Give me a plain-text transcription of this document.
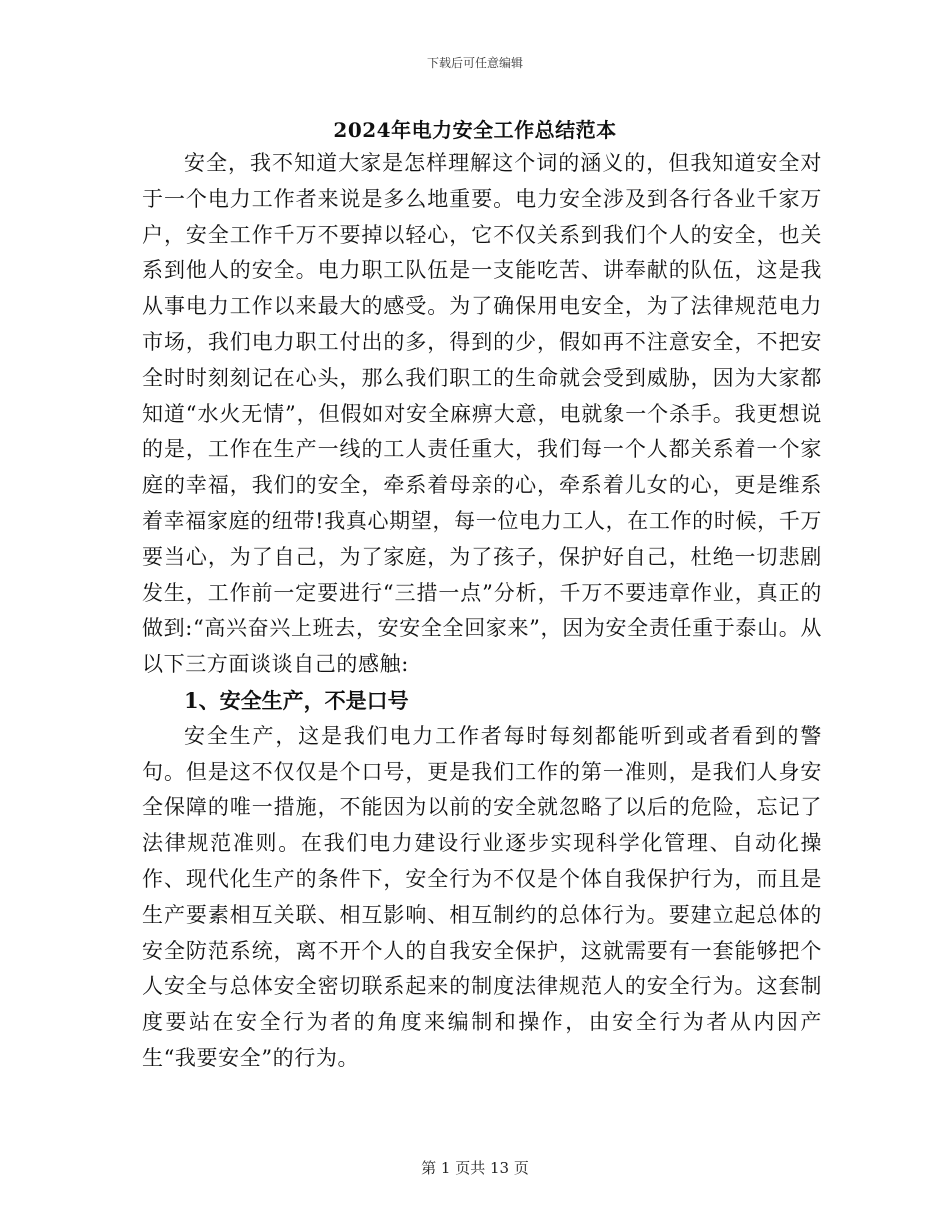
下载后可任意编辑
2024年电力安全工作总结范本

安全，我不知道大家是怎样理解这个词的涵义的，但我知道安全对于一个电力工作者来说是多么地重要。电力安全涉及到各行各业千家万户，安全工作千万不要掉以轻心，它不仅关系到我们个人的安全，也关系到他人的安全。电力职工队伍是一支能吃苦、讲奉献的队伍，这是我从事电力工作以来最大的感受。为了确保用电安全，为了法律规范电力市场，我们电力职工付出的多，得到的少，假如再不注意安全，不把安全时时刻刻记在心头，那么我们职工的生命就会受到威胁，因为大家都知道“水火无情”，但假如对安全麻痹大意，电就象一个杀手。我更想说的是，工作在生产一线的工人责任重大，我们每一个人都关系着一个家庭的幸福，我们的安全，牵系着母亲的心，牵系着儿女的心，更是维系着幸福家庭的纽带!我真心期望，每一位电力工人，在工作的时候，千万要当心，为了自己，为了家庭，为了孩子，保护好自己，杜绝一切悲剧发生，工作前一定要进行“三措一点”分析，千万不要违章作业，真正的做到:“高兴奋兴上班去，安安全全回家来”，因为安全责任重于泰山。从以下三方面谈谈自己的感触:

1、安全生产，不是口号

安全生产，这是我们电力工作者每时每刻都能听到或者看到的警句。但是这不仅仅是个口号，更是我们工作的第一准则，是我们人身安全保障的唯一措施，不能因为以前的安全就忽略了以后的危险，忘记了法律规范准则。在我们电力建设行业逐步实现科学化管理、自动化操作、现代化生产的条件下，安全行为不仅是个体自我保护行为，而且是生产要素相互关联、相互影响、相互制约的总体行为。要建立起总体的安全防范系统，离不开个人的自我安全保护，这就需要有一套能够把个人安全与总体安全密切联系起来的制度法律规范人的安全行为。这套制度要站在安全行为者的角度来编制和操作，由安全行为者从内因产生“我要安全”的行为。

第 1 页共 13 页
